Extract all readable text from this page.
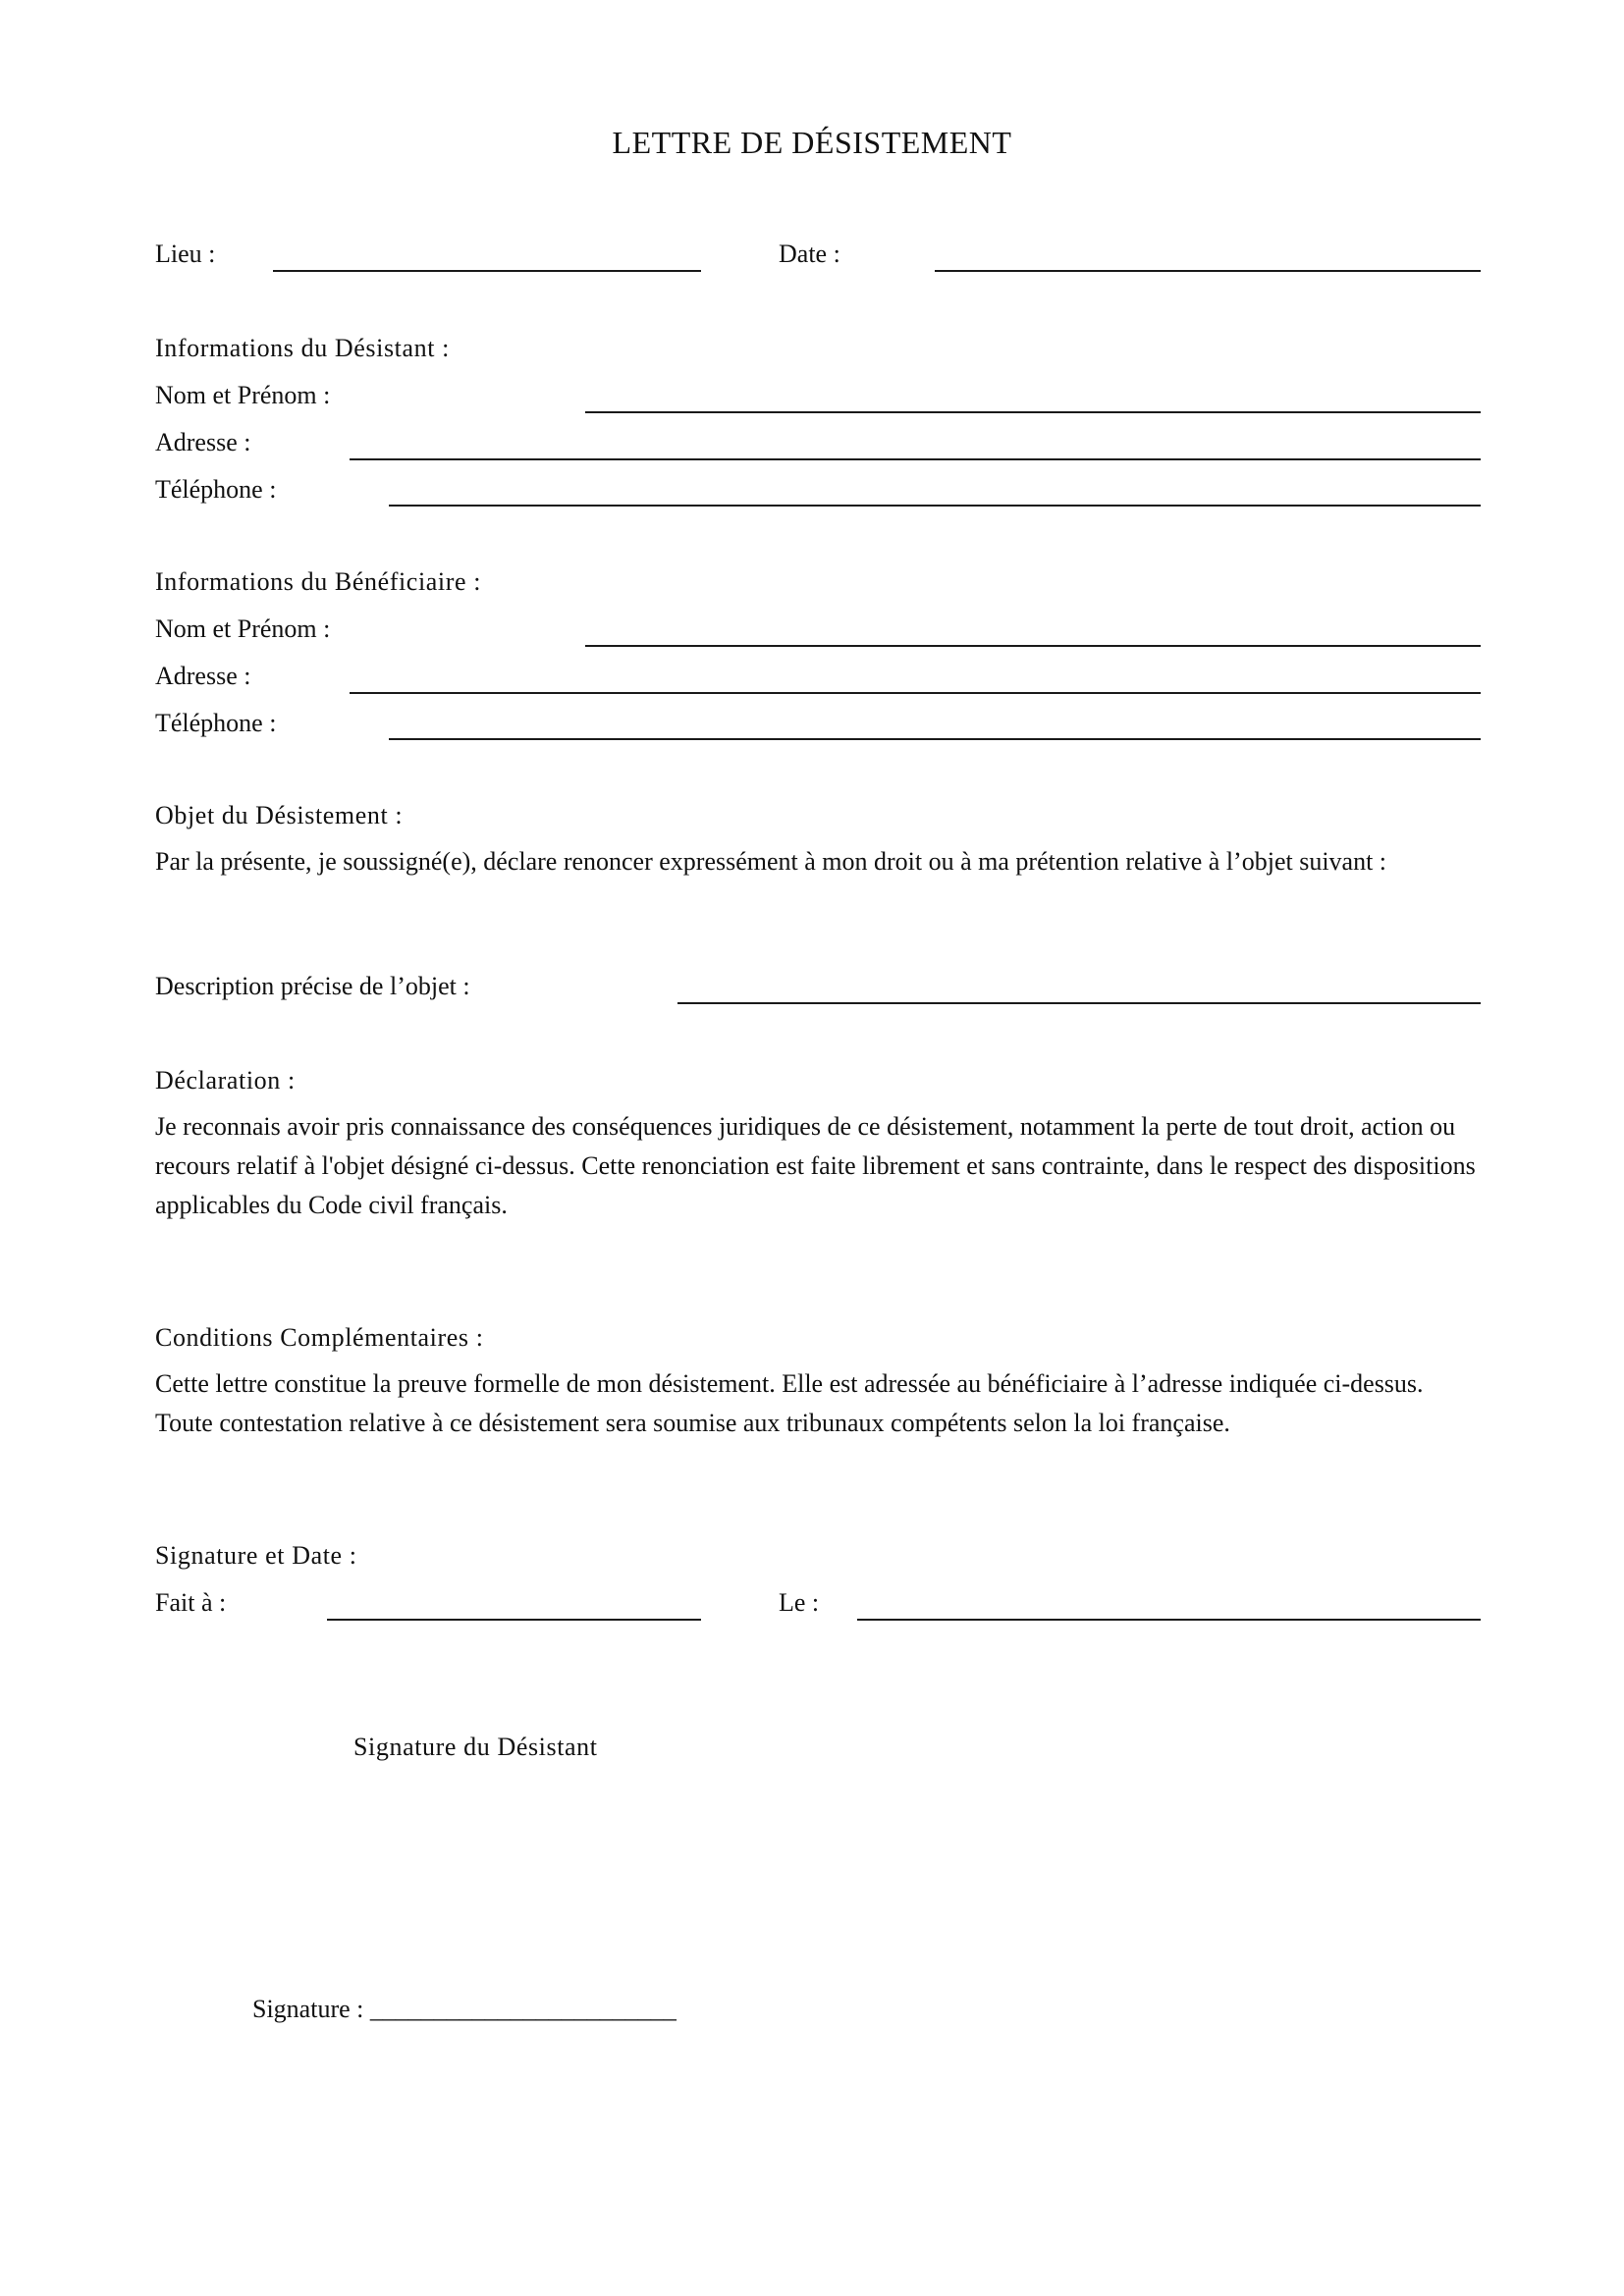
LETTRE DE DÉSISTEMENT
Lieu :	Date :
Informations du Désistant :
Nom et Prénom :
Adresse :
Téléphone :
Informations du Bénéficiaire :
Nom et Prénom :
Adresse :
Téléphone :
Objet du Désistement :
Par la présente, je soussigné(e), déclare renoncer expressément à mon droit ou à ma prétention relative à l’objet suivant :
Description précise de l’objet :
Déclaration :
Je reconnais avoir pris connaissance des conséquences juridiques de ce désistement, notamment la perte de tout droit, action ou recours relatif à l'objet désigné ci-dessus. Cette renonciation est faite librement et sans contrainte, dans le respect des dispositions applicables du Code civil français.
Conditions Complémentaires :
Cette lettre constitue la preuve formelle de mon désistement. Elle est adressée au bénéficiaire à l’adresse indiquée ci-dessus. Toute contestation relative à ce désistement sera soumise aux tribunaux compétents selon la loi française.
Signature et Date :
Fait à :	Le :
Signature du Désistant
Signature : ________________________
